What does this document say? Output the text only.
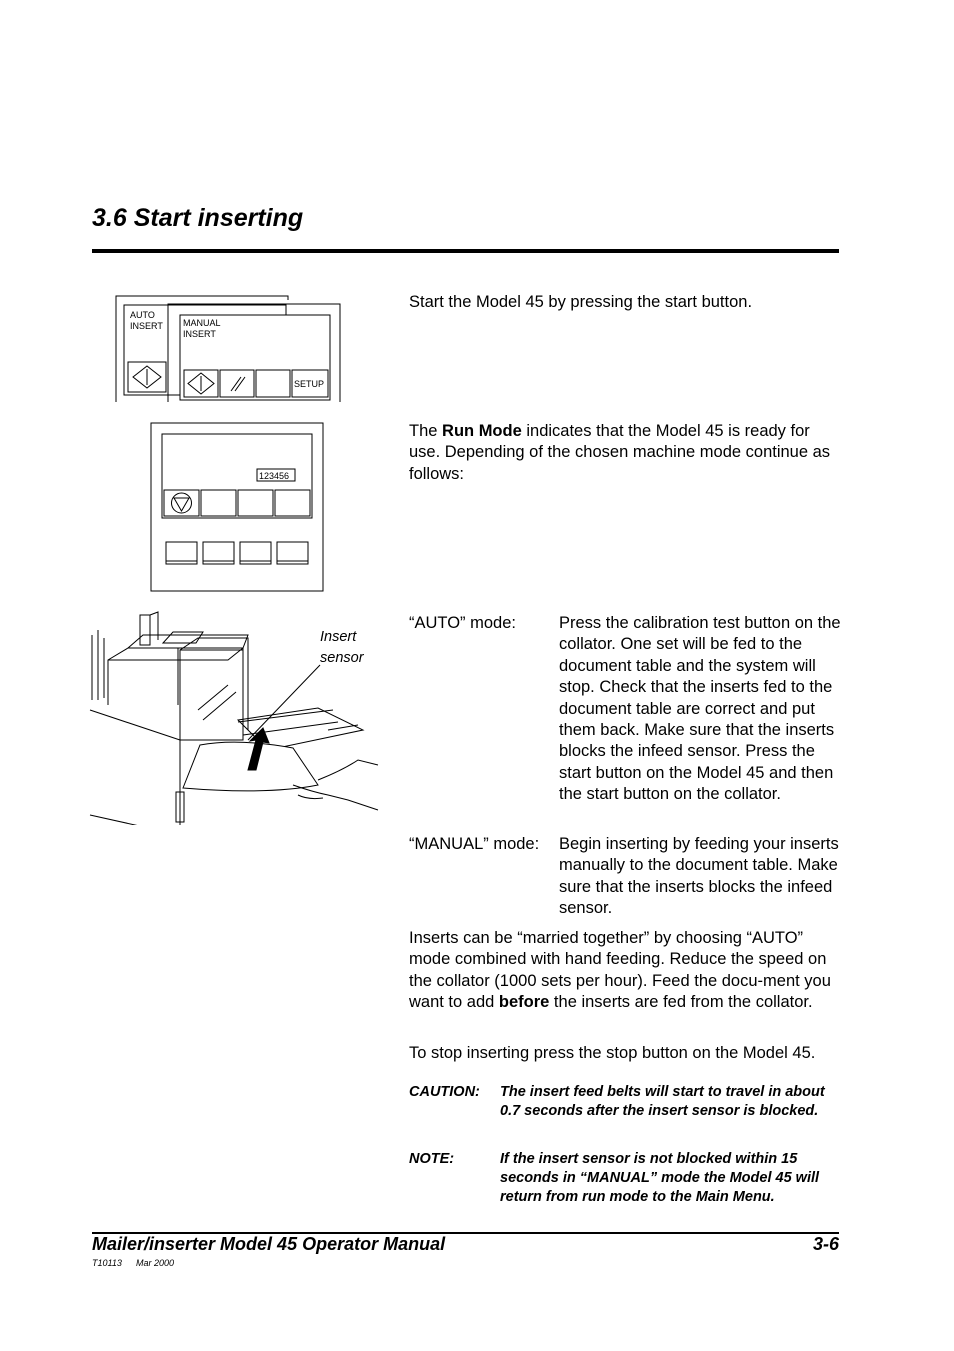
3.6 Start inserting
AUTO
INSERT MANUAL
INSERT
SETUP
Start the Model 45 by pressing the start button.
123456
The Run Mode indicates that the Model 45 is ready for use. Depending of the chosen machine mode continue as follows:
Insert
sensor
“AUTO” mode:	Press the calibration test button on the collator. One set will be fed to the document table and the system will stop. Check that the inserts fed to the document table are correct and put them back. Make sure that the inserts blocks the infeed sensor. Press the start button on the Model 45 and then the start button on the collator.
“MANUAL” mode: Begin inserting by feeding your inserts manually to the document table. Make sure that the inserts blocks the infeed sensor.
Inserts can be “married together” by choosing “AUTO” mode combined with hand feeding. Reduce the speed on the collator (1000 sets per hour). Feed the docu-ment you want to add before the inserts are fed from the collator.
To stop inserting press the stop button on the Model 45.
CAUTION: The insert feed belts will start to travel in about 0.7 seconds after the insert sensor is blocked.
NOTE:	If the insert sensor is not blocked within 15 seconds in “MANUAL” mode the Model 45 will return from run mode to the Main Menu.
Mailer/inserter Model 45 Operator Manual	3-6
T10113 Mar 2000
